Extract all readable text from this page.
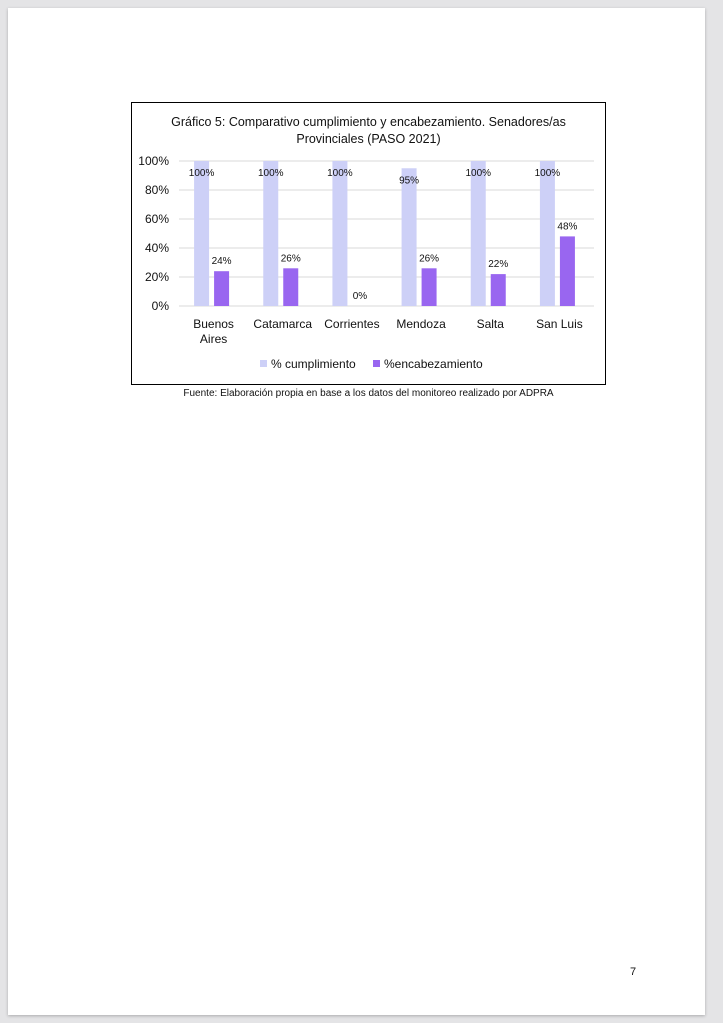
Gráfico 5: Comparativo cumplimiento y encabezamiento. Senadores/as Provinciales (PASO 2021)
0%
20%
40%
60%
80%
100%
100%
24%
Buenos
Aires
100%
26%
Catamarca
100%
0%
Corrientes
95%
26%
Mendoza
100%
22%
Salta
100%
48%
San Luis
% cumplimiento %encabezamiento
Fuente: Elaboración propia en base a los datos del monitoreo realizado por ADPRA
7
